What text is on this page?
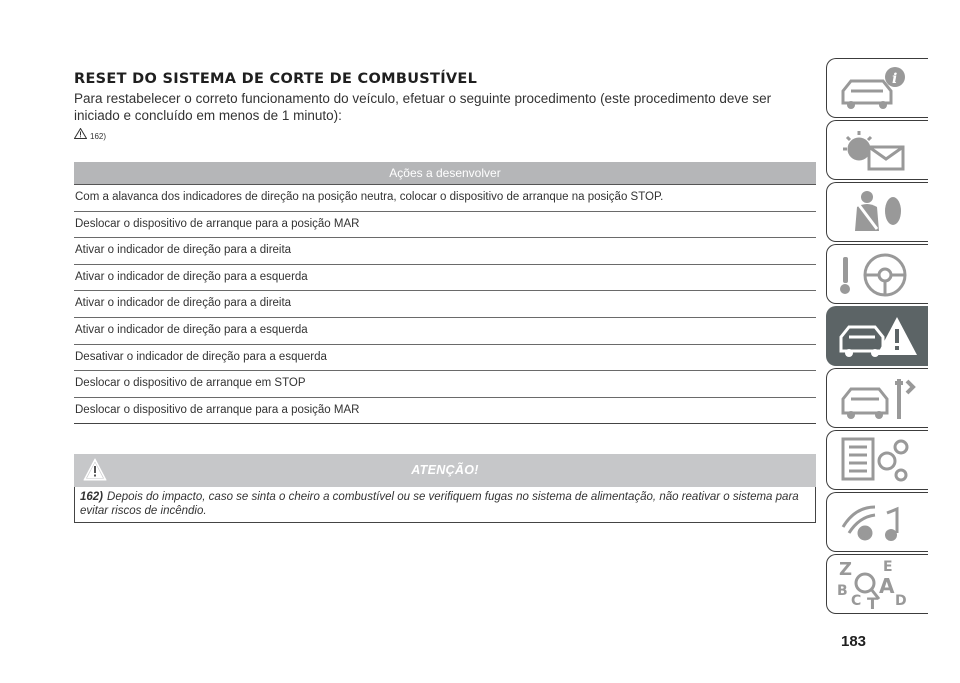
RESET DO SISTEMA DE CORTE DE COMBUSTÍVEL
Para restabelecer o correto funcionamento do veículo, efetuar o seguinte procedimento (este procedimento deve ser iniciado e concluído em menos de 1 minuto):
162)
Ações a desenvolver
Com a alavanca dos indicadores de direção na posição neutra, colocar o dispositivo de arranque na posição STOP.
Deslocar o dispositivo de arranque para a posição MAR
Ativar o indicador de direção para a direita
Ativar o indicador de direção para a esquerda
Ativar o indicador de direção para a direita
Ativar o indicador de direção para a esquerda
Desativar o indicador de direção para a esquerda
Deslocar o dispositivo de arranque em STOP
Deslocar o dispositivo de arranque para a posição MAR
ATENÇÃO!
162) Depois do impacto, caso se sinta o cheiro a combustível ou se verifiquem fugas no sistema de alimentação, não reativar o sistema para evitar riscos de incêndio.
i
Z E
A
B
C T D
183
